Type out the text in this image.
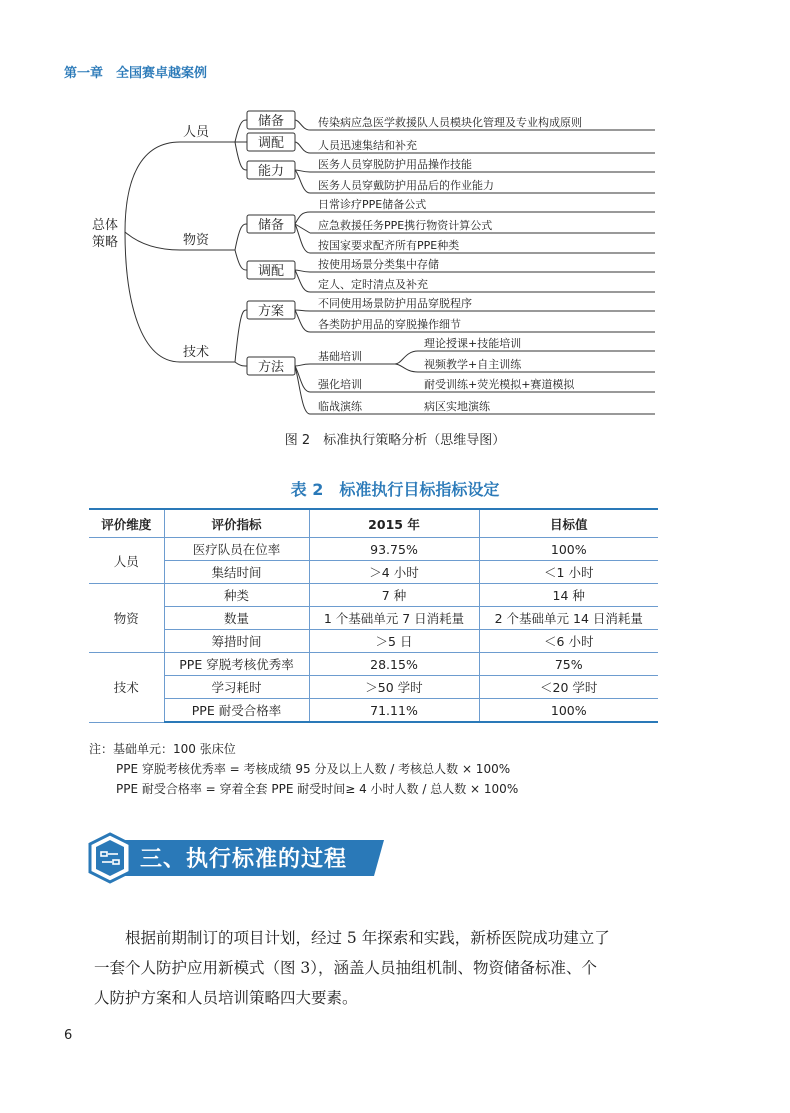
第一章　全国赛卓越案例
总体
策略
人员
物资
技术
储备
调配
能力
储备
调配
方案
方法
传染病应急医学救援队人员模块化管理及专业构成原则
人员迅速集结和补充
医务人员穿脱防护用品操作技能
医务人员穿戴防护用品后的作业能力
日常诊疗PPE储备公式
应急救援任务PPE携行物资计算公式
按国家要求配齐所有PPE种类
按使用场景分类集中存储
定人、定时清点及补充
不同使用场景防护用品穿脱程序
各类防护用品的穿脱操作细节
基础培训
理论授课+技能培训
视频教学+自主训练
强化培训	耐受训练+荧光模拟+赛道模拟
临战演练	病区实地演练
图 2　标准执行策略分析（思维导图）
表 2　标准执行目标指标设定
评价维度	评价指标	2015 年	目标值
人员	医疗队员在位率	93.75%	100%
	集结时间	＞4 小时	＜1 小时
物资	种类	7 种	14 种
	数量	1 个基础单元 7 日消耗量	2 个基础单元 14 日消耗量
	筹措时间	＞5 日	＜6 小时
技术	PPE 穿脱考核优秀率	28.15%	75%
	学习耗时	＞50 学时	＜20 学时
	PPE 耐受合格率	71.11%	100%
注：基础单元：100 张床位
PPE 穿脱考核优秀率 = 考核成绩 95 分及以上人数 / 考核总人数 × 100%
PPE 耐受合格率 = 穿着全套 PPE 耐受时间≥ 4 小时人数 / 总人数 × 100%
三、执行标准的过程
根据前期制订的项目计划，经过 5 年探索和实践，新桥医院成功建立了
一套个人防护应用新模式（图 3），涵盖人员抽组机制、物资储备标准、个
人防护方案和人员培训策略四大要素。
6
